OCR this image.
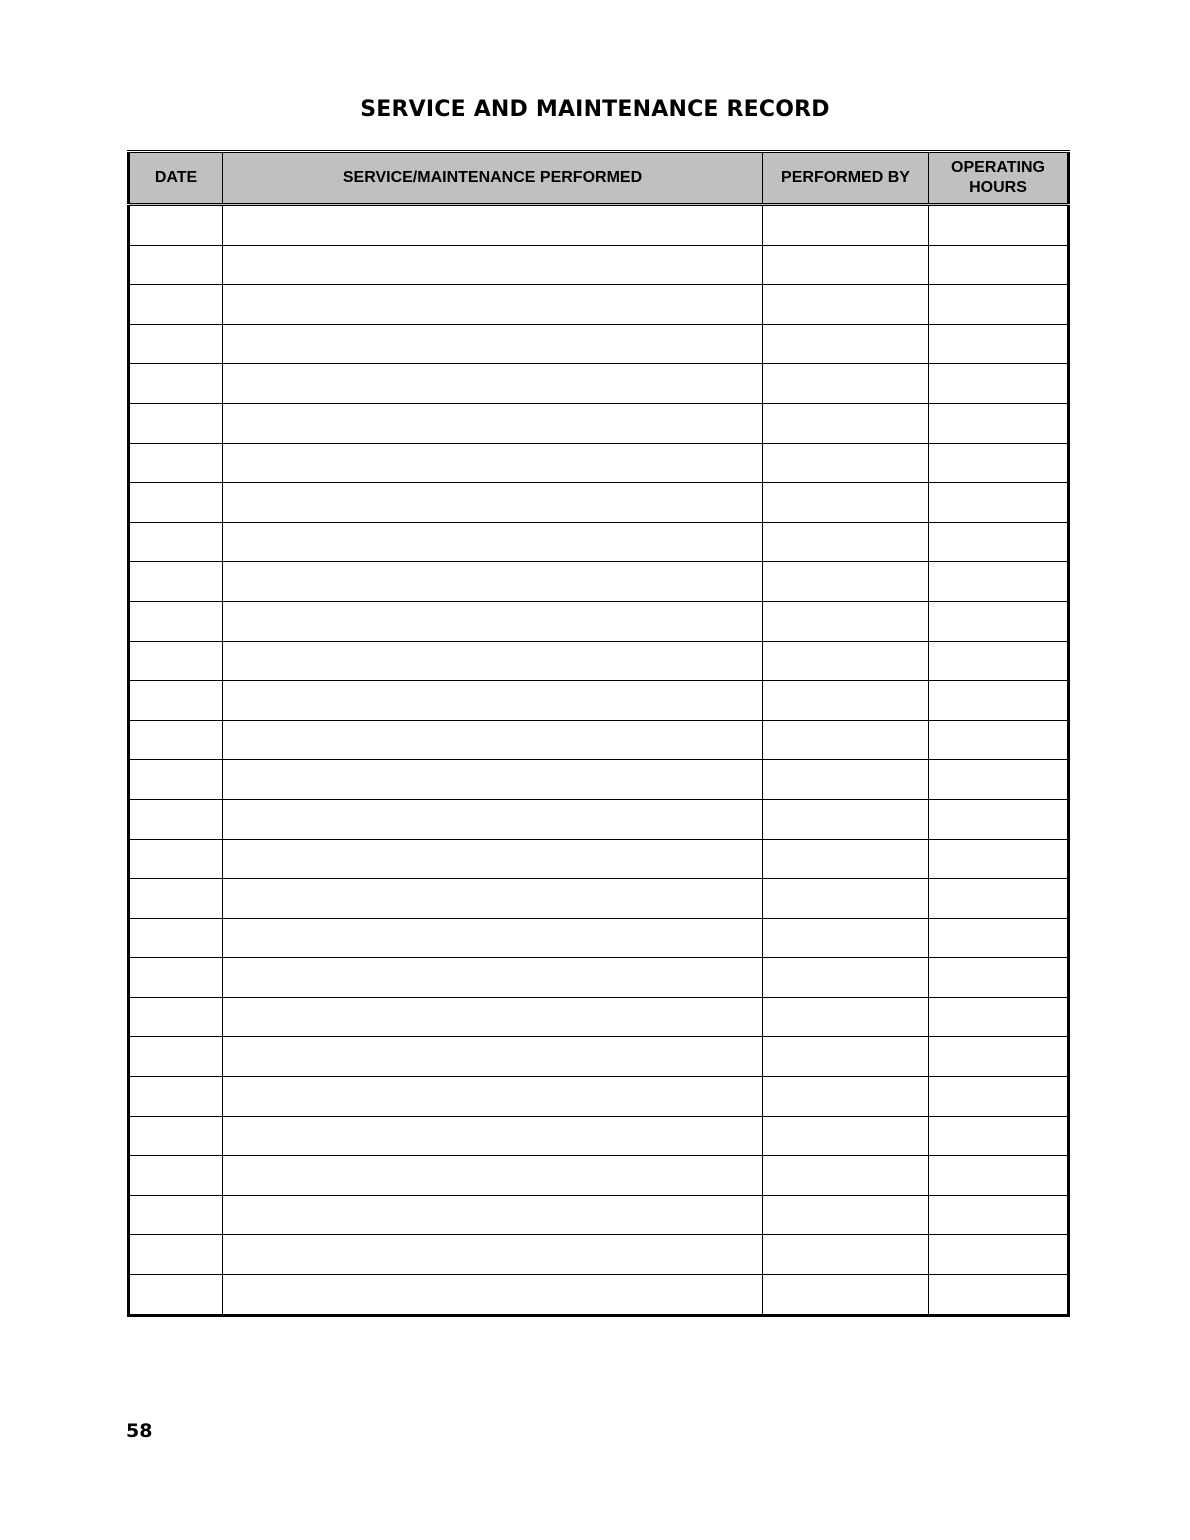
SERVICE AND MAINTENANCE RECORD
DATE	SERVICE/MAINTENANCE PERFORMED	PERFORMED BY	OPERATING HOURS

58
